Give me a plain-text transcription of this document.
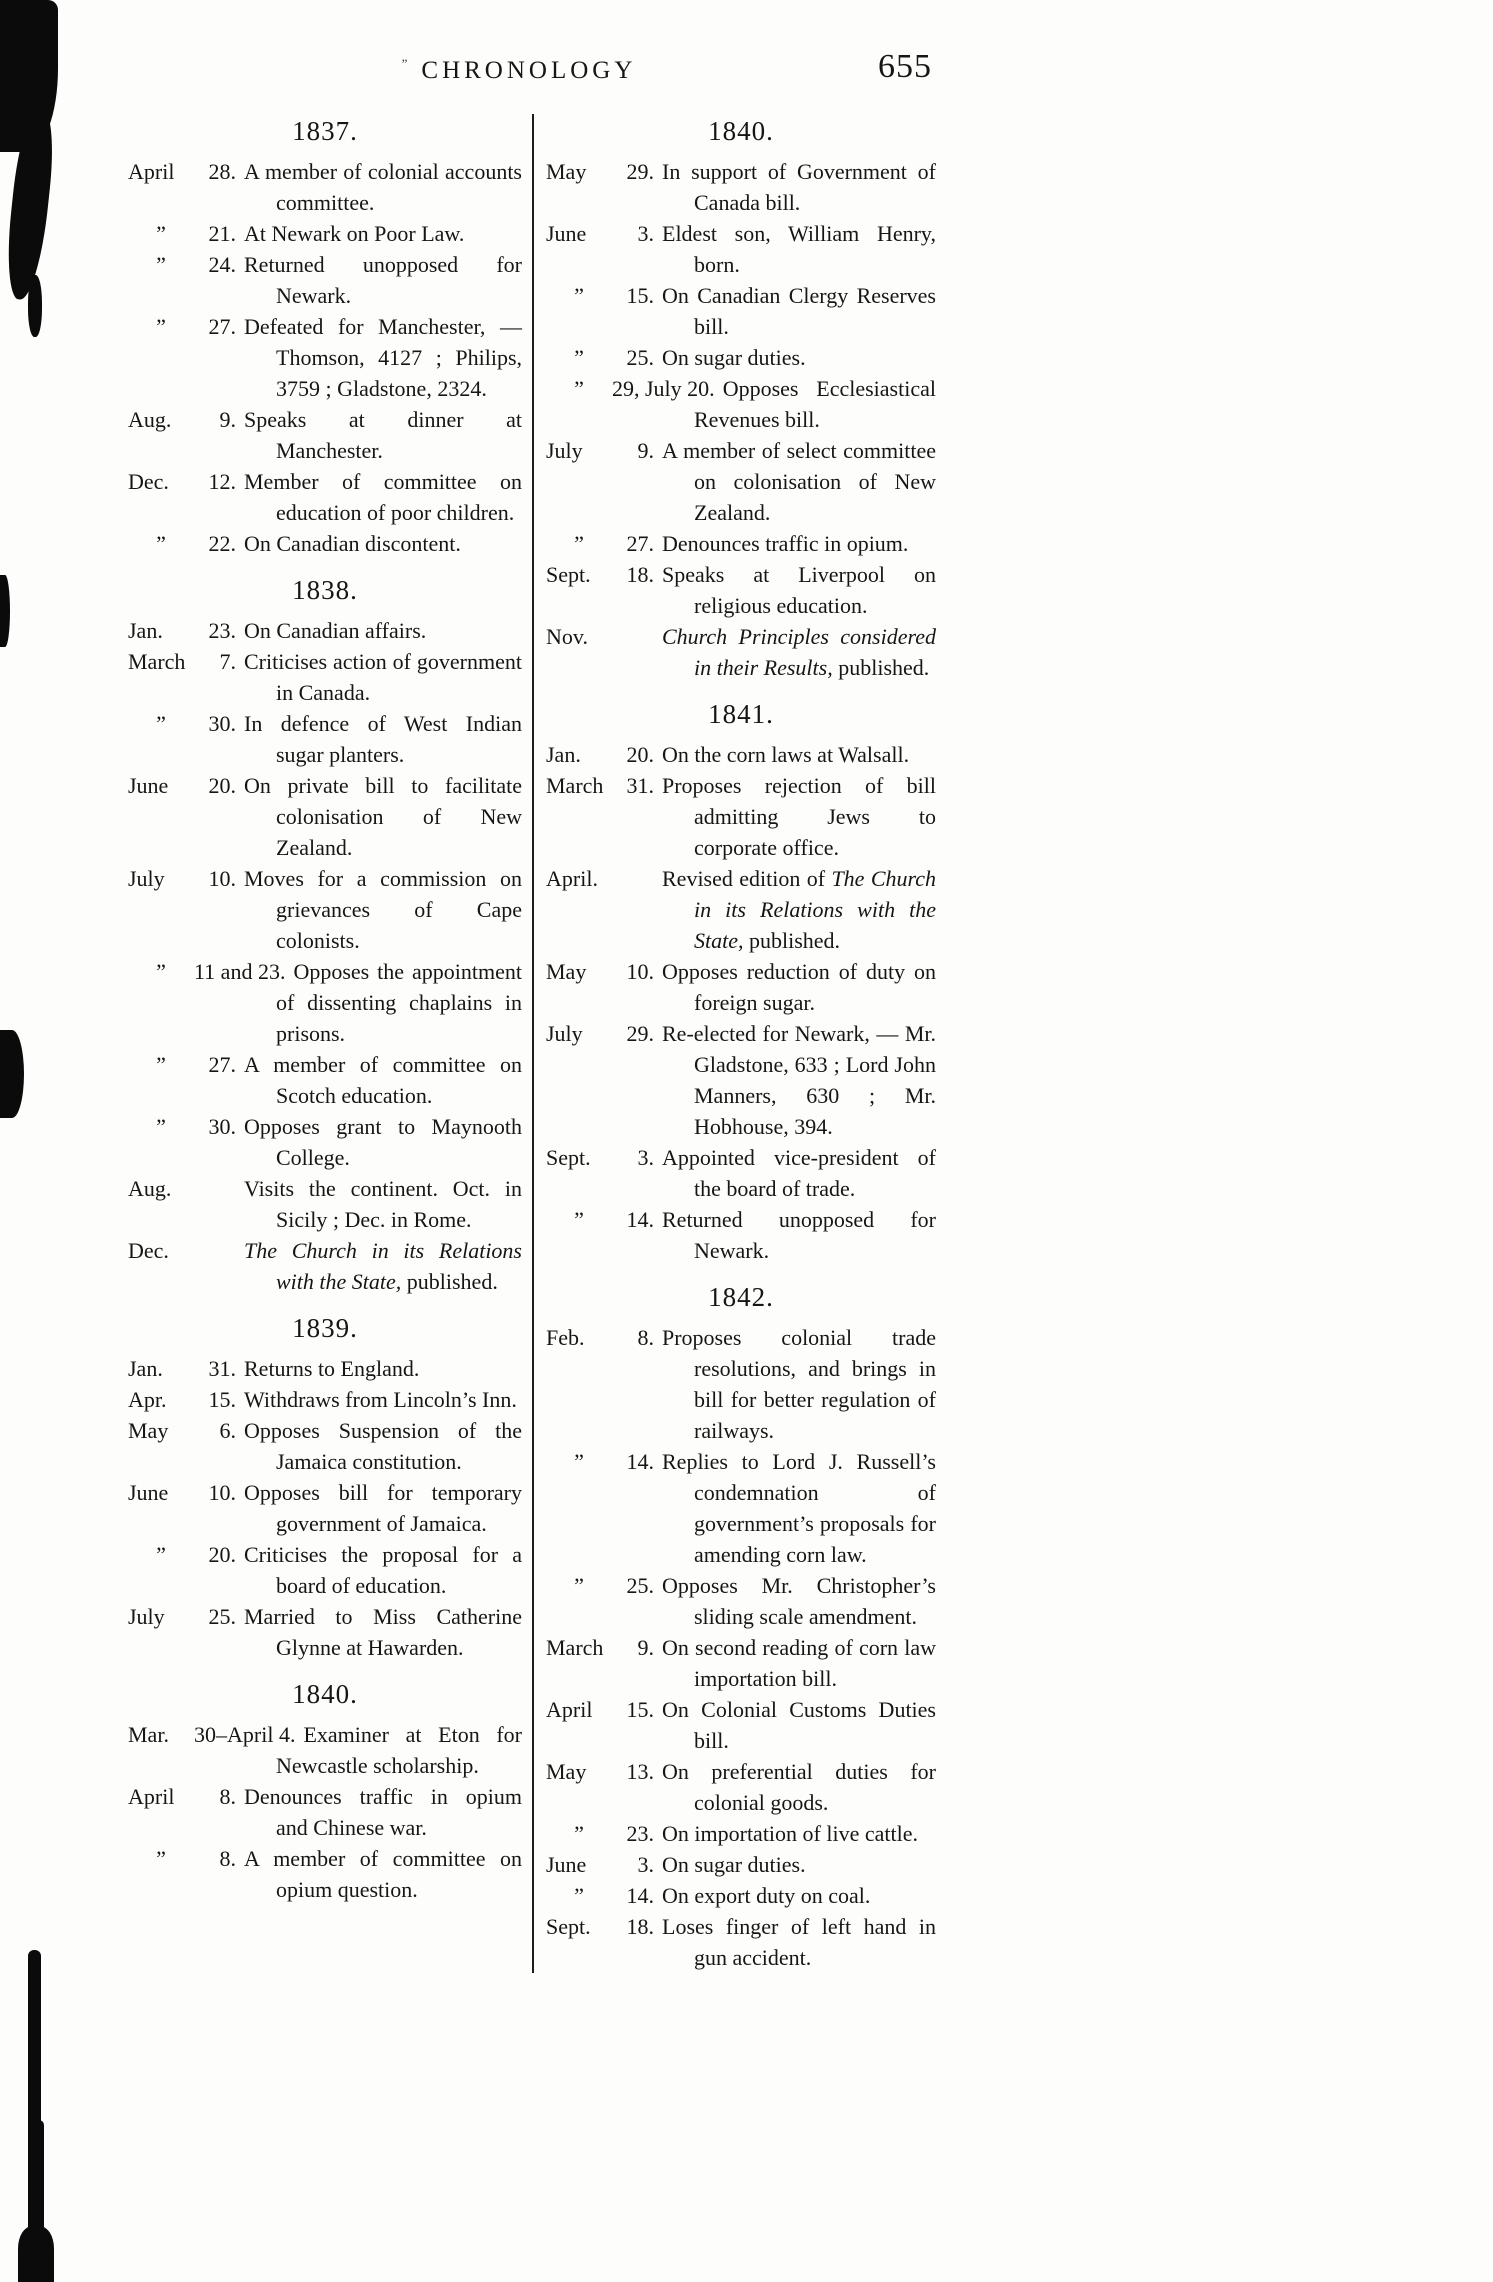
” CHRONOLOGY	655
1837.
April 28. A member of colonial accounts committee.
” 21. At Newark on Poor Law.
” 24. Returned unopposed for Newark.
” 27. Defeated for Manchester, — Thomson, 4127 ; Philips, 3759 ; Gladstone, 2324.
Aug. 9. Speaks at dinner at Manchester.
Dec. 12. Member of committee on education of poor children.
” 22. On Canadian discontent.
1838.
Jan. 23. On Canadian affairs.
March 7. Criticises action of government in Canada.
” 30. In defence of West Indian sugar planters.
June 20. On private bill to facilitate colonisation of New Zealand.
July 10. Moves for a commission on grievances of Cape colonists.
” 11 and 23. Opposes the appointment of dissenting chaplains in prisons.
” 27. A member of committee on Scotch education.
” 30. Opposes grant to Maynooth College.
Aug.	Visits the continent. Oct. in Sicily ; Dec. in Rome.
Dec.	The Church in its Relations with the State, published.
1839.
Jan. 31. Returns to England.
Apr. 15. Withdraws from Lincoln’s Inn.
May 6. Opposes Suspension of the Jamaica constitution.
June 10. Opposes bill for temporary government of Jamaica.
” 20. Criticises the proposal for a board of education.
July 25. Married to Miss Catherine Glynne at Hawarden.
1840.
Mar. 30–April 4. Examiner at Eton for Newcastle scholarship.
April 8. Denounces traffic in opium and Chinese war.
” 8. A member of committee on opium question.
1840.
May 29. In support of Government of Canada bill.
June 3. Eldest son, William Henry, born.
” 15. On Canadian Clergy Reserves bill.
” 25. On sugar duties.
” 29, July 20. Opposes Ecclesiastical Revenues bill.
July 9. A member of select committee on colonisation of New Zealand.
” 27. Denounces traffic in opium.
Sept. 18. Speaks at Liverpool on religious education.
Nov.	Church Principles considered in their Results, published.
1841.
Jan. 20. On the corn laws at Walsall.
March 31. Proposes rejection of bill admitting Jews to corporate office.
April.	Revised edition of The Church in its Relations with the State, published.
May 10. Opposes reduction of duty on foreign sugar.
July 29. Re-elected for Newark, — Mr. Gladstone, 633 ; Lord John Manners, 630 ; Mr. Hobhouse, 394.
Sept. 3. Appointed vice-president of the board of trade.
” 14. Returned unopposed for Newark.
1842.
Feb. 8. Proposes colonial trade resolutions, and brings in bill for better regulation of railways.
” 14. Replies to Lord J. Russell’s condemnation of government’s proposals for amending corn law.
” 25. Opposes Mr. Christopher’s sliding scale amendment.
March 9. On second reading of corn law importation bill.
April 15. On Colonial Customs Duties bill.
May 13. On preferential duties for colonial goods.
” 23. On importation of live cattle.
June 3. On sugar duties.
” 14. On export duty on coal.
Sept. 18. Loses finger of left hand in gun accident.
